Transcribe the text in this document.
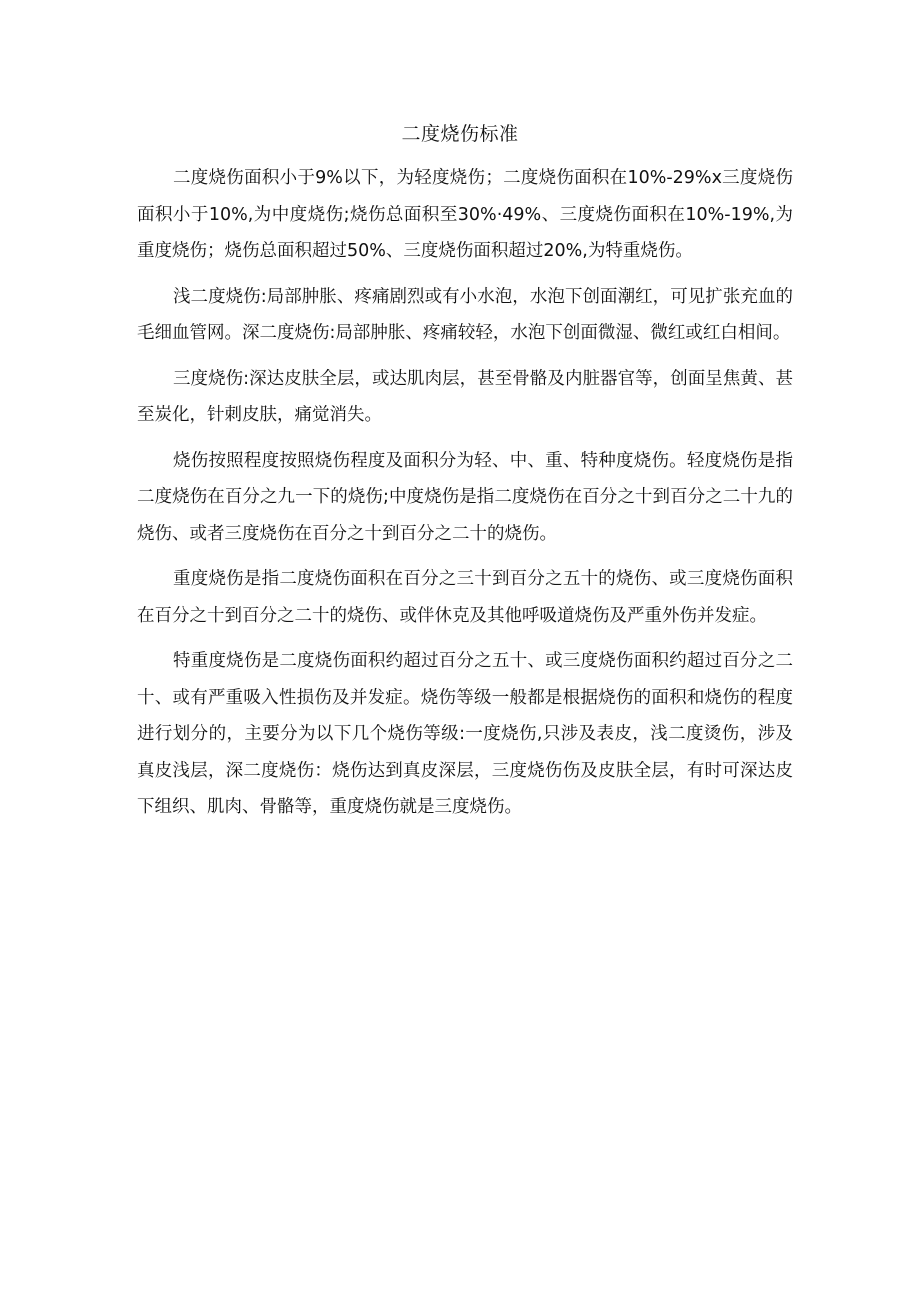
二度烧伤标准

二度烧伤面积小于9%以下，为轻度烧伤；二度烧伤面积在10%-29%x三度烧伤面积小于10%,为中度烧伤;烧伤总面积至30%·49%、三度烧伤面积在10%-19%,为重度烧伤；烧伤总面积超过50%、三度烧伤面积超过20%,为特重烧伤。

浅二度烧伤:局部肿胀、疼痛剧烈或有小水泡，水泡下创面潮红，可见扩张充血的毛细血管网。深二度烧伤:局部肿胀、疼痛较轻，水泡下创面微湿、微红或红白相间。

三度烧伤:深达皮肤全层，或达肌肉层，甚至骨骼及内脏器官等，创面呈焦黄、甚至炭化，针刺皮肤，痛觉消失。

烧伤按照程度按照烧伤程度及面积分为轻、中、重、特种度烧伤。轻度烧伤是指二度烧伤在百分之九一下的烧伤;中度烧伤是指二度烧伤在百分之十到百分之二十九的烧伤、或者三度烧伤在百分之十到百分之二十的烧伤。

重度烧伤是指二度烧伤面积在百分之三十到百分之五十的烧伤、或三度烧伤面积在百分之十到百分之二十的烧伤、或伴休克及其他呼吸道烧伤及严重外伤并发症。

特重度烧伤是二度烧伤面积约超过百分之五十、或三度烧伤面积约超过百分之二十、或有严重吸入性损伤及并发症。烧伤等级一般都是根据烧伤的面积和烧伤的程度进行划分的，主要分为以下几个烧伤等级:一度烧伤,只涉及表皮，浅二度烫伤，涉及真皮浅层，深二度烧伤：烧伤达到真皮深层，三度烧伤伤及皮肤全层，有时可深达皮下组织、肌肉、骨骼等，重度烧伤就是三度烧伤。
